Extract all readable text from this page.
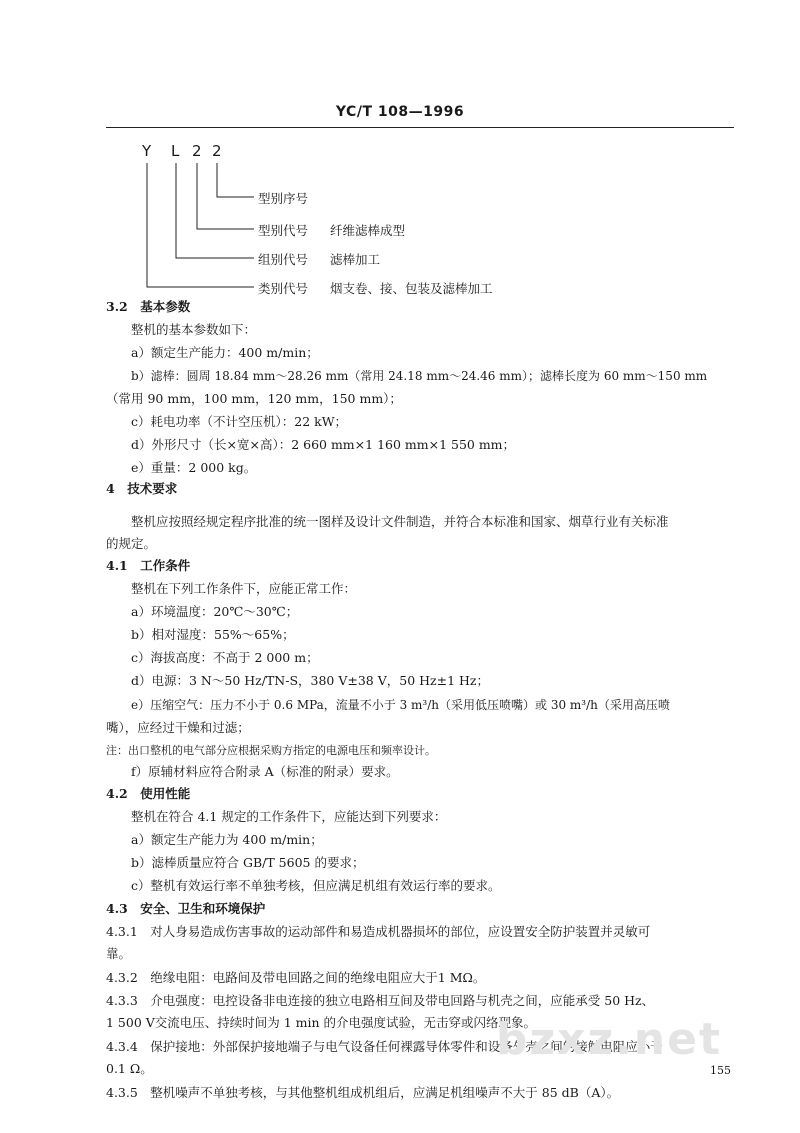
YC/T 108—1996
Y L 2 2
型别序号
型别代号 纤维滤棒成型
组别代号 滤棒加工
类别代号 烟支卷、接、包装及滤棒加工
3.2　基本参数
整机的基本参数如下：
a）额定生产能力：400 m/min；
b）滤棒：圆周 18.84 mm～28.26 mm（常用 24.18 mm～24.46 mm）；滤棒长度为 60 mm～150 mm
（常用 90 mm，100 mm，120 mm，150 mm）；
c）耗电功率（不计空压机）：22 kW；
d）外形尺寸（长×宽×高）：2 660 mm×1 160 mm×1 550 mm；
e）重量：2 000 kg。
4　技术要求
整机应按照经规定程序批准的统一图样及设计文件制造，并符合本标准和国家、烟草行业有关标准
的规定。
4.1　工作条件
整机在下列工作条件下，应能正常工作：
a）环境温度：20℃～30℃；
b）相对湿度：55%～65%；
c）海拔高度：不高于 2 000 m；
d）电源：3 N～50 Hz/TN-S，380 V±38 V，50 Hz±1 Hz；
e）压缩空气：压力不小于 0.6 MPa，流量不小于 3 m³/h（采用低压喷嘴）或 30 m³/h（采用高压喷
嘴），应经过干燥和过滤；
注：出口整机的电气部分应根据采购方指定的电源电压和频率设计。
f）原辅材料应符合附录 A（标准的附录）要求。
4.2　使用性能
整机在符合 4.1 规定的工作条件下，应能达到下列要求：
a）额定生产能力为 400 m/min；
b）滤棒质量应符合 GB/T 5605 的要求；
c）整机有效运行率不单独考核，但应满足机组有效运行率的要求。
4.3　安全、卫生和环境保护
4.3.1　对人身易造成伤害事故的运动部件和易造成机器损坏的部位，应设置安全防护装置并灵敏可
靠。
4.3.2　绝缘电阻：电路间及带电回路之间的绝缘电阻应大于1 MΩ。
4.3.3　介电强度：电控设备非电连接的独立电路相互间及带电回路与机壳之间，应能承受 50 Hz、
1 500 V交流电压、持续时间为 1 min 的介电强度试验，无击穿或闪络现象。
4.3.4　保护接地：外部保护接地端子与电气设备任何裸露导体零件和设备外壳之间的接触电阻应小于
0.1 Ω。
4.3.5　整机噪声不单独考核，与其他整机组成机组后，应满足机组噪声不大于 85 dB（A）。
bzxz.net
155
